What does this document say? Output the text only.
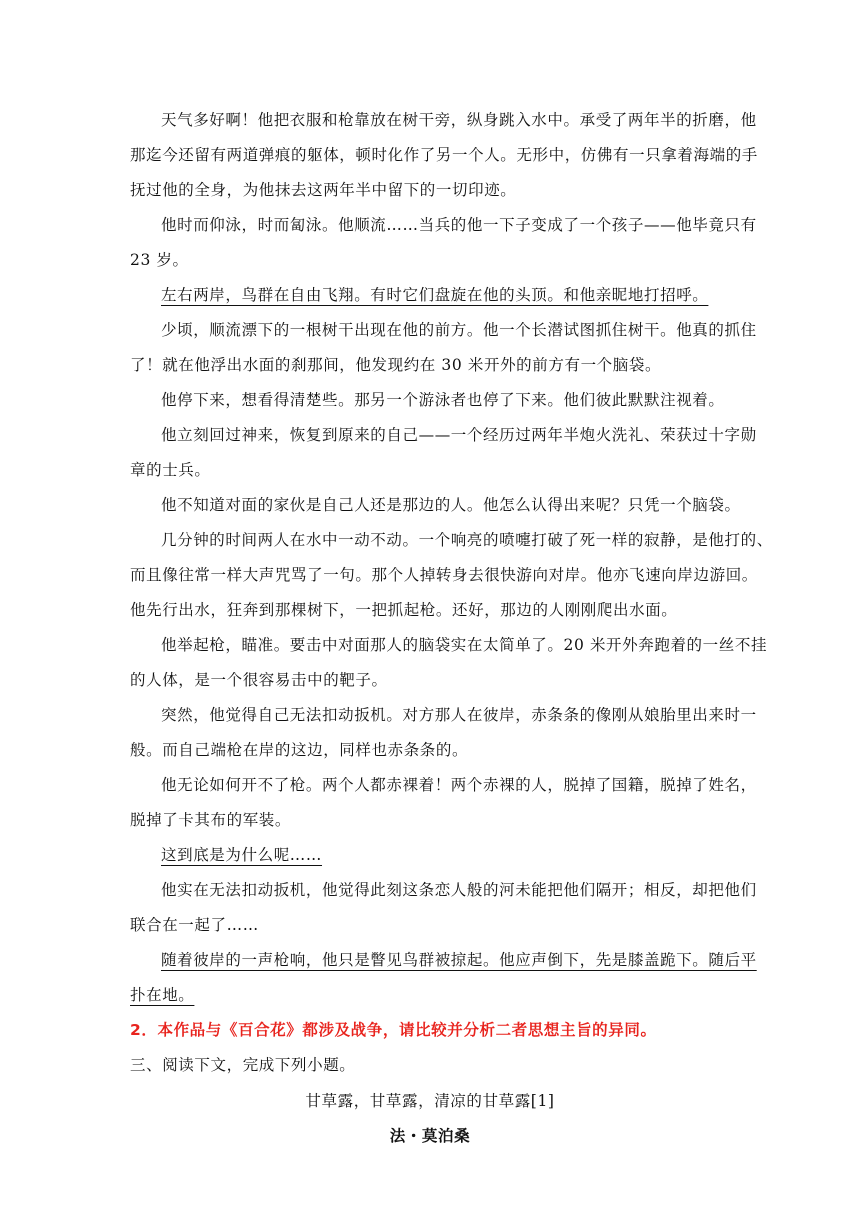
天气多好啊！他把衣服和枪靠放在树干旁，纵身跳入水中。承受了两年半的折磨，他
那迄今还留有两道弹痕的躯体，顿时化作了另一个人。无形中，仿佛有一只拿着海端的手
抚过他的全身，为他抹去这两年半中留下的一切印迹。
他时而仰泳，时而匐泳。他顺流……当兵的他一下子变成了一个孩子——他毕竟只有
23 岁。
左右两岸，鸟群在自由飞翔。有时它们盘旋在他的头顶。和他亲昵地打招呼。
少顷，顺流漂下的一根树干出现在他的前方。他一个长潜试图抓住树干。他真的抓住
了！就在他浮出水面的刹那间，他发现约在 30 米开外的前方有一个脑袋。
他停下来，想看得清楚些。那另一个游泳者也停了下来。他们彼此默默注视着。
他立刻回过神来，恢复到原来的自己——一个经历过两年半炮火洗礼、荣获过十字勋
章的士兵。
他不知道对面的家伙是自己人还是那边的人。他怎么认得出来呢？只凭一个脑袋。
几分钟的时间两人在水中一动不动。一个响亮的喷嚏打破了死一样的寂静，是他打的、
而且像往常一样大声咒骂了一句。那个人掉转身去很快游向对岸。他亦飞速向岸边游回。
他先行出水，狂奔到那棵树下，一把抓起枪。还好，那边的人刚刚爬出水面。
他举起枪，瞄准。要击中对面那人的脑袋实在太简单了。20 米开外奔跑着的一丝不挂
的人体，是一个很容易击中的靶子。
突然，他觉得自己无法扣动扳机。对方那人在彼岸，赤条条的像刚从娘胎里出来时一
般。而自己端枪在岸的这边，同样也赤条条的。
他无论如何开不了枪。两个人都赤裸着！两个赤裸的人，脱掉了国籍，脱掉了姓名，
脱掉了卡其布的军装。
这到底是为什么呢……
他实在无法扣动扳机，他觉得此刻这条恋人般的河未能把他们隔开；相反，却把他们
联合在一起了……
随着彼岸的一声枪响，他只是瞥见鸟群被掠起。他应声倒下，先是膝盖跪下。随后平
扑在地。
2．本作品与《百合花》都涉及战争，请比较并分析二者思想主旨的异同。
三、阅读下文，完成下列小题。
甘草露，甘草露，清凉的甘草露[1]
法・莫泊桑
